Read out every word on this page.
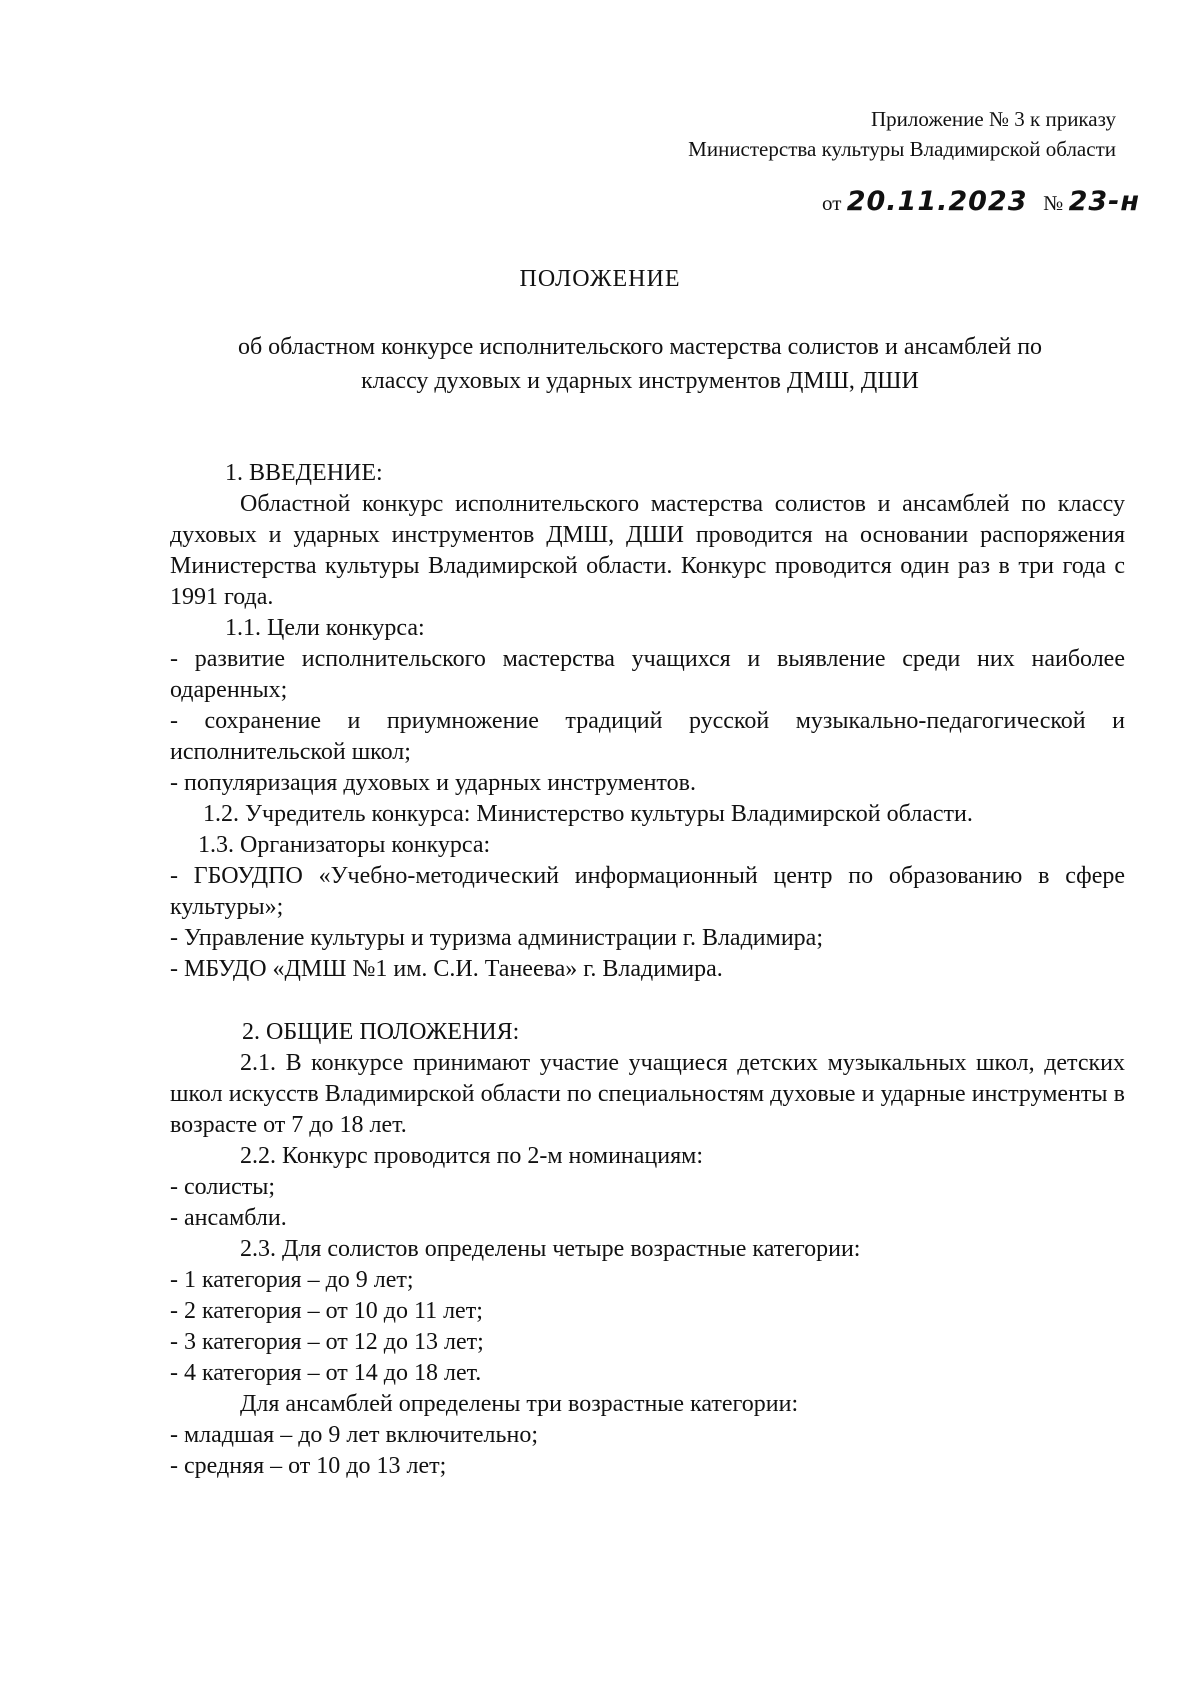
Приложение № 3 к приказу
Министерства культуры Владимирской области
от 20.11.2023 № 23-н
ПОЛОЖЕНИЕ
об областном конкурсе исполнительского мастерства солистов и ансамблей по
классу духовых и ударных инструментов ДМШ, ДШИ

1. ВВЕДЕНИЕ:

Областной конкурс исполнительского мастерства солистов и ансамблей по классу духовых и ударных инструментов ДМШ, ДШИ проводится на основании распоряжения Министерства культуры Владимирской области. Конкурс проводится один раз в три года с 1991 года.

1.1. Цели конкурса:

- развитие исполнительского мастерства учащихся и выявление среди них наиболее одаренных;

- сохранение и приумножение традиций русской музыкально-педагогической и исполнительской школ;

- популяризация духовых и ударных инструментов.

1.2. Учредитель конкурса: Министерство культуры Владимирской области.

1.3. Организаторы конкурса:

- ГБОУДПО «Учебно-методический информационный центр по образованию в сфере культуры»;

- Управление культуры и туризма администрации г. Владимира;

- МБУДО «ДМШ №1 им. С.И. Танеева» г. Владимира.

2. ОБЩИЕ ПОЛОЖЕНИЯ:

2.1. В конкурсе принимают участие учащиеся детских музыкальных школ, детских школ искусств Владимирской области по специальностям духовые и ударные инструменты в возрасте от 7 до 18 лет.

2.2. Конкурс проводится по 2-м номинациям:

- солисты;

- ансамбли.

2.3. Для солистов определены четыре возрастные категории:

- 1 категория – до 9 лет;

- 2 категория – от 10 до 11 лет;

- 3 категория – от 12 до 13 лет;

- 4 категория – от 14 до 18 лет.

Для ансамблей определены три возрастные категории:

- младшая – до 9 лет включительно;

- средняя – от 10 до 13 лет;
